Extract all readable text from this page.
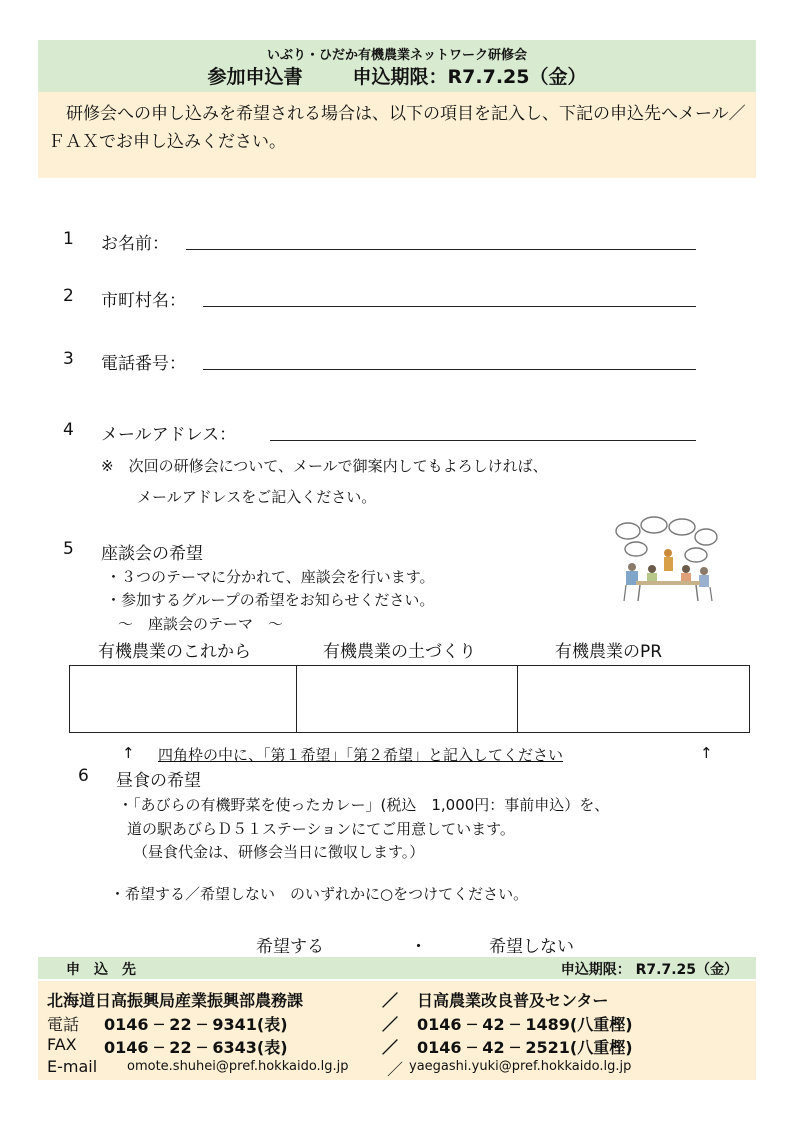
いぶり・ひだか有機農業ネットワーク研修会
参加申込書	申込期限：R7.7.25（金）

研修会への申し込みを希望される場合は、以下の項目を記入し、下記の申込先へメール／ＦＡＸでお申し込みください。

1 お名前：
2 市町村名：
3 電話番号：
4 メールアドレス：
※　次回の研修会について、メールで御案内してもよろしければ、
メールアドレスをご記入ください。
5 座談会の希望
・３つのテーマに分かれて、座談会を行います。
・参加するグループの希望をお知らせください。
～　座談会のテーマ　～
有機農業のこれから	有機農業の土づくり	有機農業のPR
↑ 四角枠の中に、「第１希望」「第２希望」と記入してください	↑
6 昼食の希望
・「あびらの有機野菜を使ったカレー」(税込　1,000円：事前申込）を、
道の駅あびらＤ５１ステーションにてご用意しています。
（昼食代金は、研修会当日に徴収します。）
・希望する／希望しない　のいずれかに○をつけてください。
希望する	・	希望しない
申込先	申込期限： R7.7.25（金）
北海道日高振興局産業振興部農務課	／ 日高農業改良普及センター
電話 0146 ─ 22 ─ 9341(表)	／ 0146 ─ 42 ─ 1489(八重樫)
FAX 0146 ─ 22 ─ 6343(表)	／ 0146 ─ 42 ─ 2521(八重樫)
E-mail omote.shuhei@pref.hokkaido.lg.jp ／ yaegashi.yuki@pref.hokkaido.lg.jp
